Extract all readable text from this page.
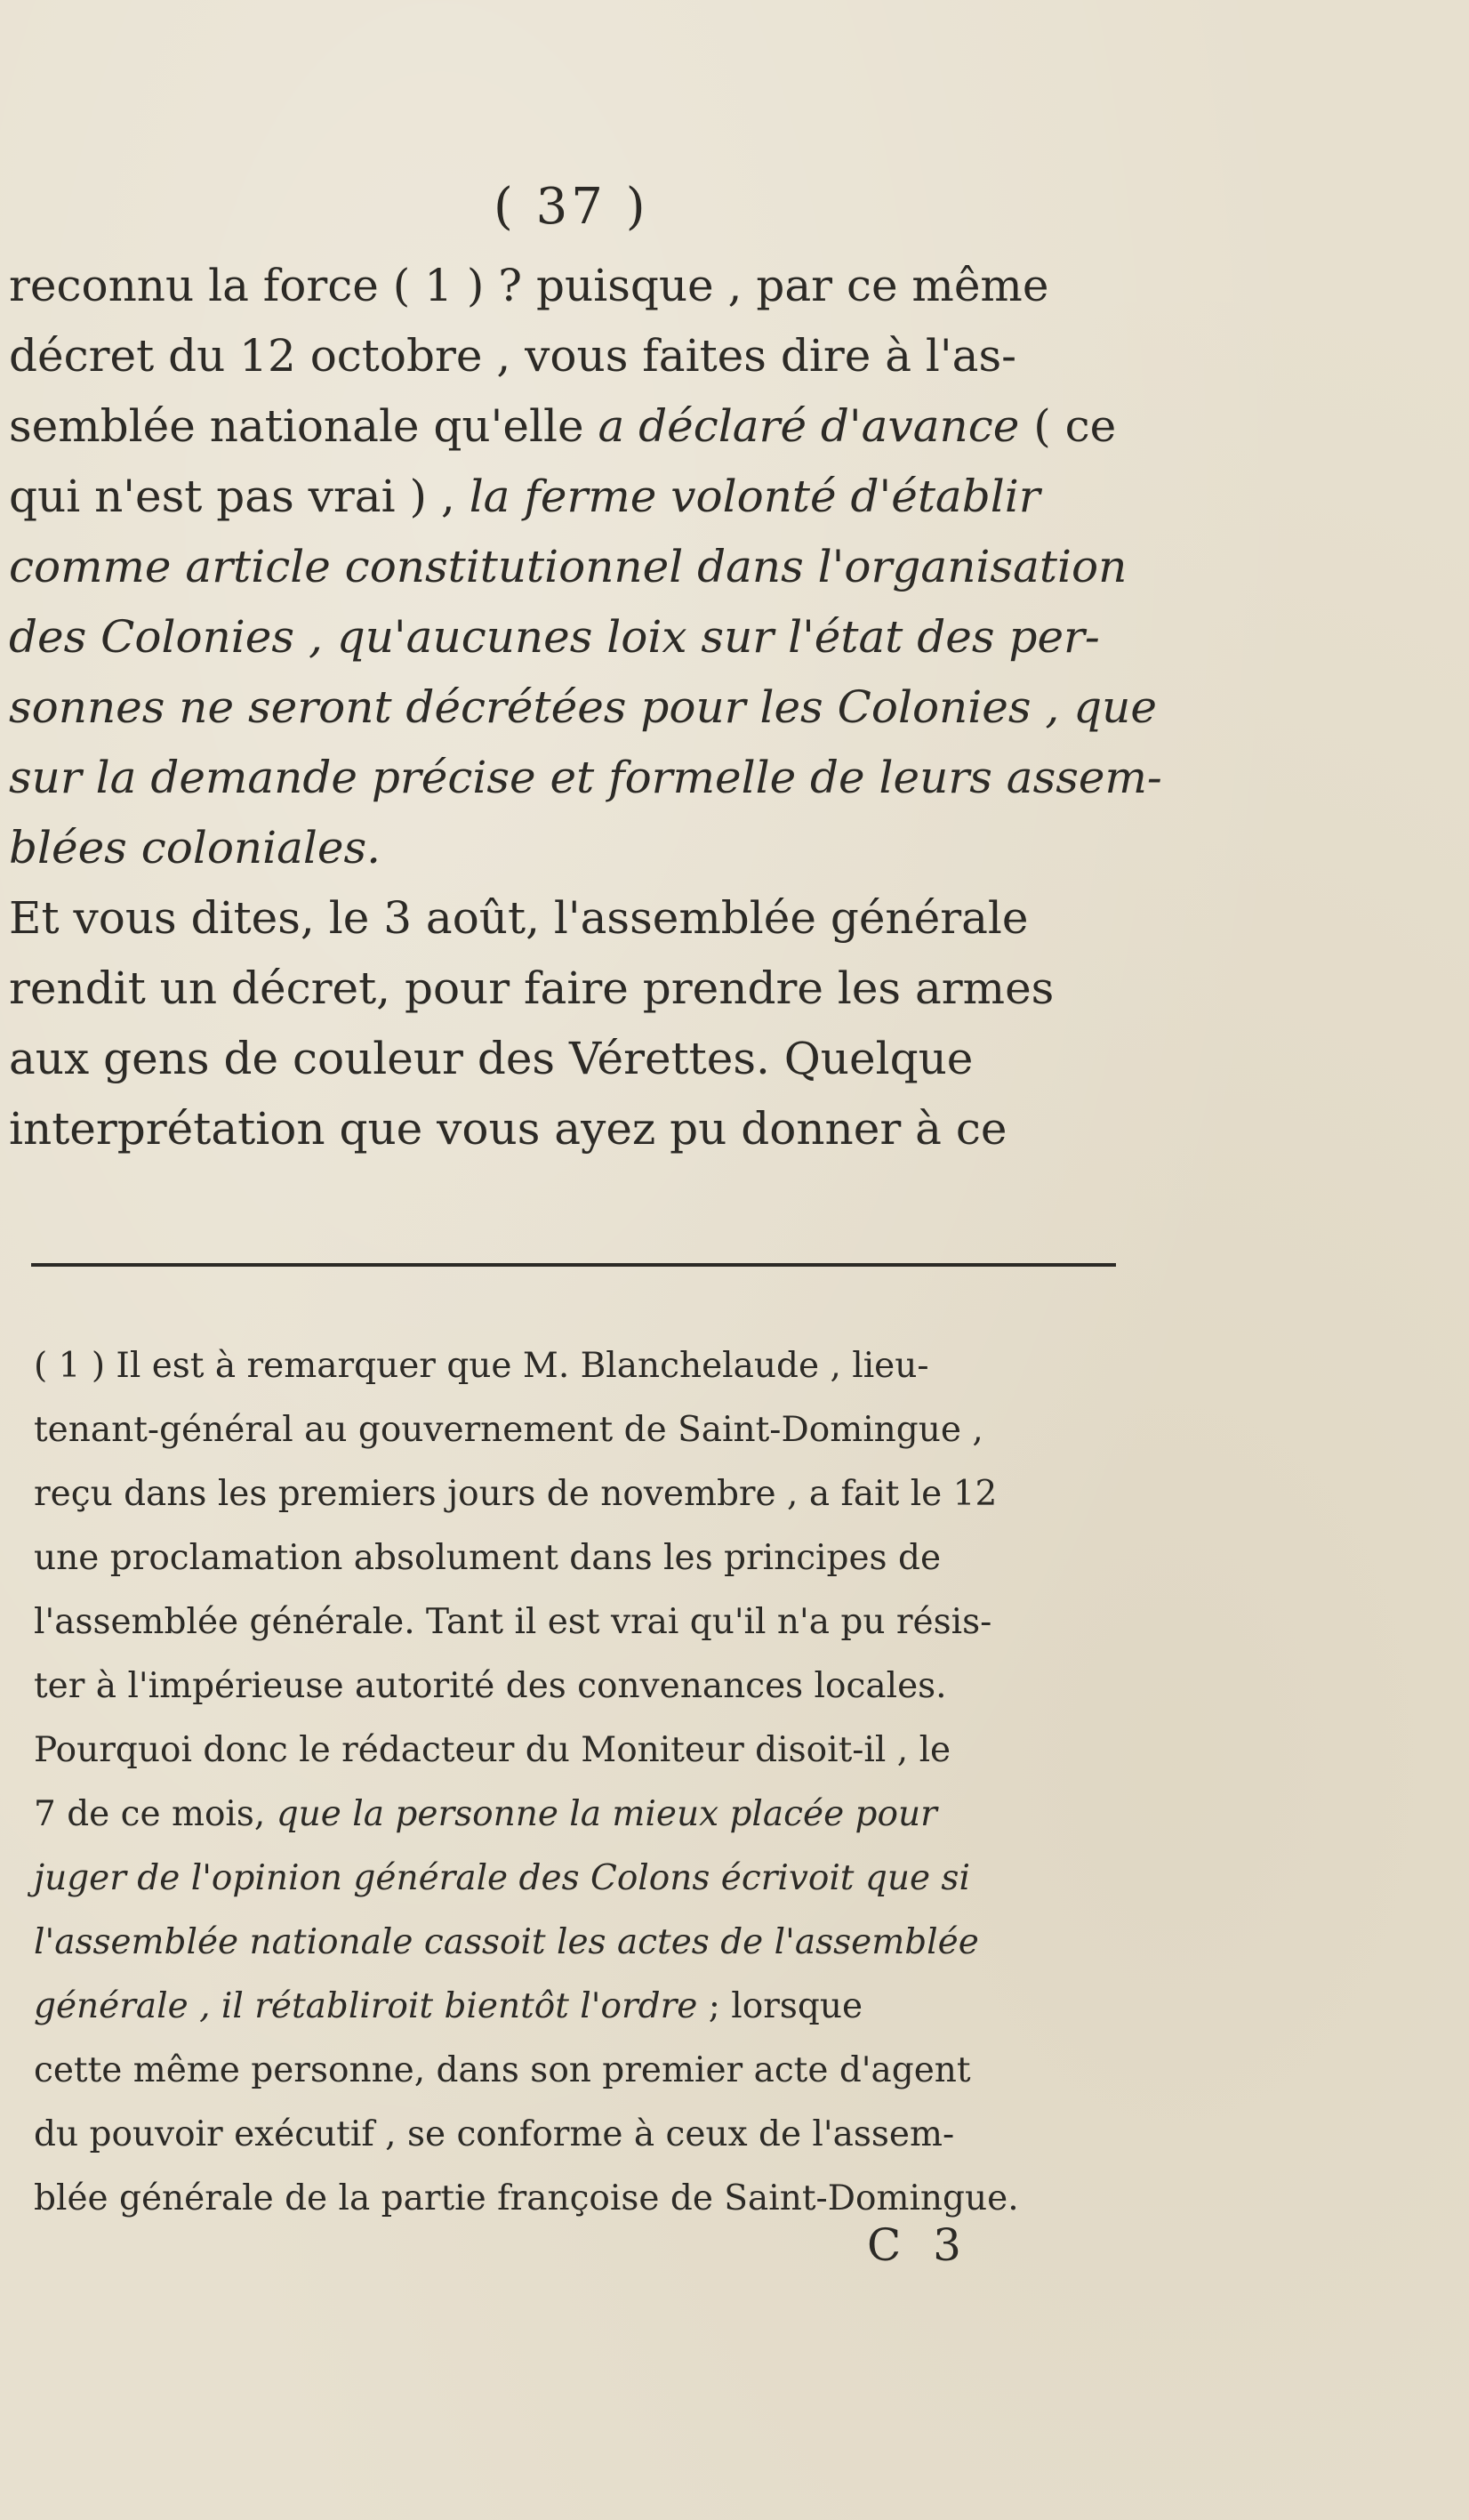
( 37 )
reconnu la force ( 1 ) ? puisque , par ce même
décret du 12 octobre , vous faites dire à l'as-
semblée nationale qu'elle a déclaré d'avance ( ce
qui n'est pas vrai ) , la ferme volonté d'établir
comme article constitutionnel dans l'organisation
des Colonies , qu'aucunes loix sur l'état des per-
sonnes ne seront décrétées pour les Colonies , que
sur la demande précise et formelle de leurs assem-
blées coloniales.
Et vous dites, le 3 août, l'assemblée générale
rendit un décret, pour faire prendre les armes
aux gens de couleur des Vérettes. Quelque
interprétation que vous ayez pu donner à ce
( 1 ) Il est à remarquer que M. Blanchelaude , lieu-
tenant-général au gouvernement de Saint-Domingue ,
reçu dans les premiers jours de novembre , a fait le 12
une proclamation absolument dans les principes de
l'assemblée générale. Tant il est vrai qu'il n'a pu résis-
ter à l'impérieuse autorité des convenances locales.
Pourquoi donc le rédacteur du Moniteur disoit-il , le
7 de ce mois, que la personne la mieux placée pour
juger de l'opinion générale des Colons écrivoit que si
l'assemblée nationale cassoit les actes de l'assemblée
générale , il rétabliroit bientôt l'ordre ; lorsque
cette même personne, dans son premier acte d'agent
du pouvoir exécutif , se conforme à ceux de l'assem-
blée générale de la partie françoise de Saint-Domingue.
C 3
